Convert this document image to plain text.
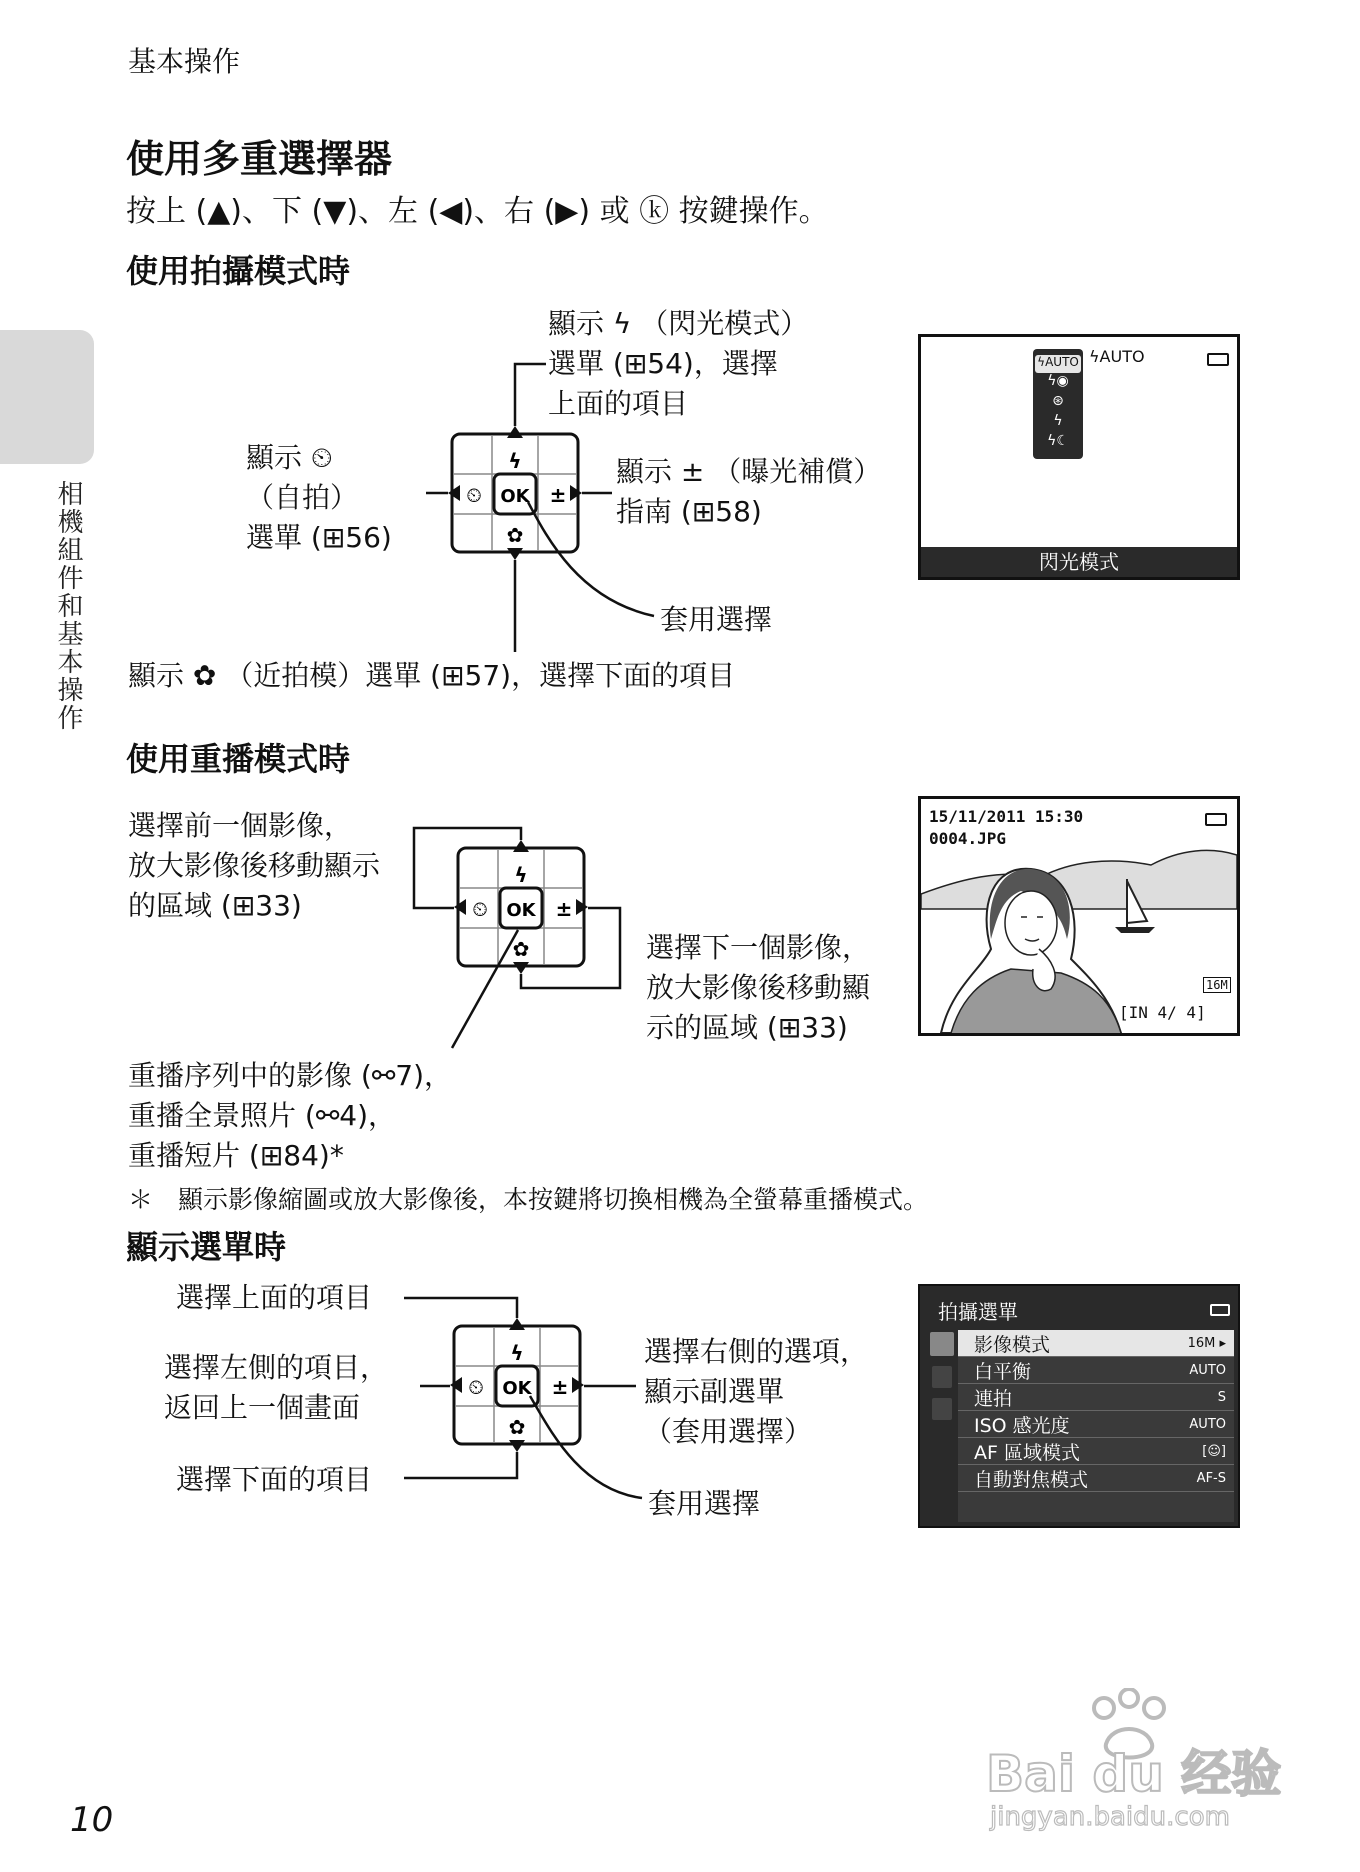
基本操作
相機組件和基本操作
使用多重選擇器
按上 (▲)、下 (▼)、左 (◀)、右 (▶) 或 ⓚ 按鍵操作。
使用拍攝模式時
顯示 ϟ （閃光模式）
選單 (⊞54)，選擇
上面的項目
顯示 ⏲
（自拍）
選單 (⊞56)
顯示 ± （曝光補償）
指南 (⊞58)
套用選擇
顯示 ✿ （近拍模）選單 (⊞57)，選擇下面的項目
OK
ϟ
⏲	±
✿
ϟAUTO
ϟ◉
⊛
ϟ
ϟ☾
ϟAUTO
閃光模式
使用重播模式時
選擇前一個影像，
放大影像後移動顯示
的區域 (⊞33)
選擇下一個影像，
放大影像後移動顯
示的區域 (⊞33)
重播序列中的影像 (⚯7)，
重播全景照片 (⚯4)，
重播短片 (⊞84)*
＊　顯示影像縮圖或放大影像後，本按鍵將切換相機為全螢幕重播模式。
OK
ϟ
⏲	±
✿
15/11/2011 15:30
0004.JPG
16M
[IN 4/ 4]
顯示選單時
選擇上面的項目
選擇左側的項目，
返回上一個畫面
選擇下面的項目
選擇右側的選項，
顯示副選單
（套用選擇）
套用選擇
OK
ϟ
⏲	±
✿
拍攝選單
影像模式	16M ▸
白平衡	AUTO
連拍	S
ISO 感光度	AUTO
AF 區域模式	[☺]
自動對焦模式	AF-S
Bai du 经验
jingyan.baidu.com
10
